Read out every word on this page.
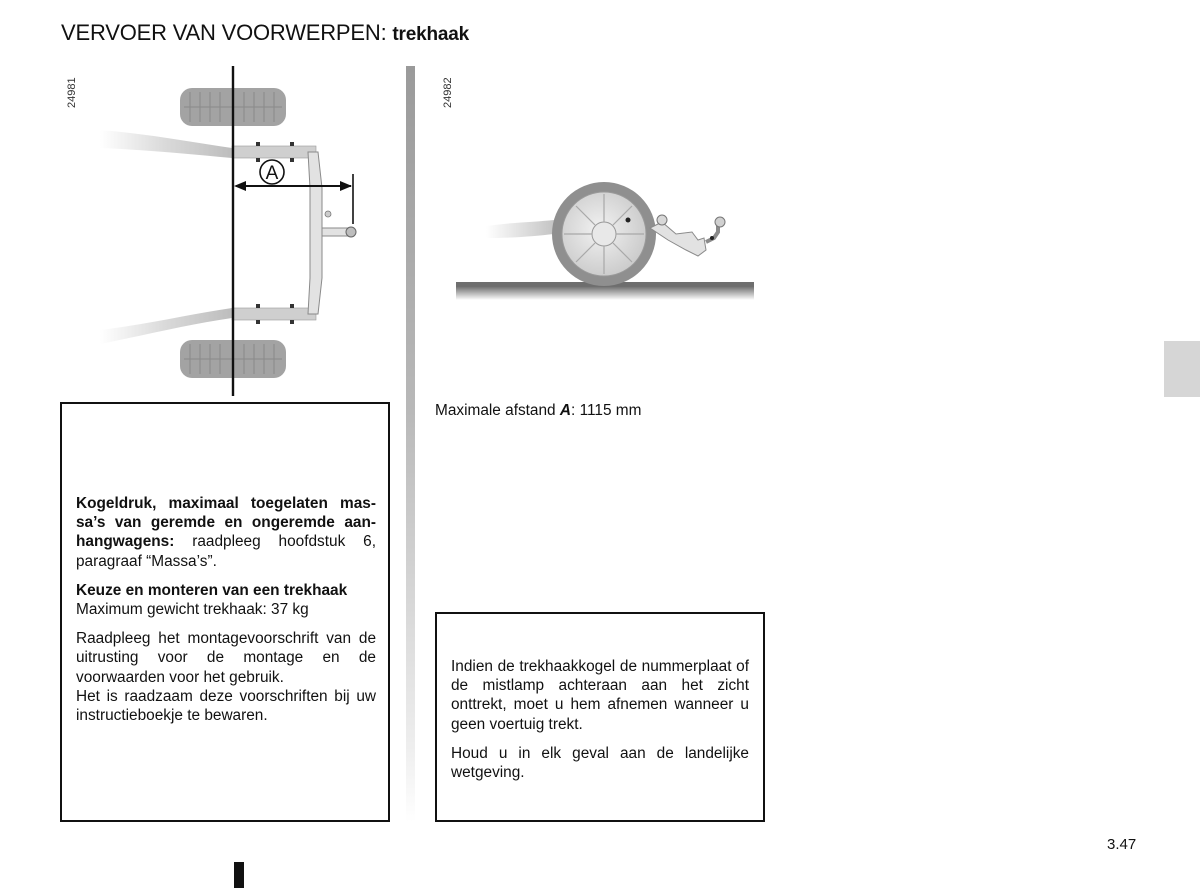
VERVOER VAN VOORWERPEN: trekhaak
24981
A
24982
Maximale afstand A: 1115 mm

Kogeldruk, maximaal toegelaten massa’s van geremde en ongeremde aanhangwagens: raadpleeg hoofdstuk 6, paragraaf “Massa’s”.

Keuze en monteren van een trekhaak

Maximum gewicht trekhaak: 37 kg

Raadpleeg het montagevoorschrift van de uitrusting voor de montage en de voorwaarden voor het gebruik.

Het is raadzaam deze voorschriften bij uw instructieboekje te bewaren.

Indien de trekhaakkogel de nummerplaat of de mistlamp achteraan aan het zicht onttrekt, moet u hem afnemen wanneer u geen voertuig trekt.

Houd u in elk geval aan de landelijke wetgeving.

3.47
